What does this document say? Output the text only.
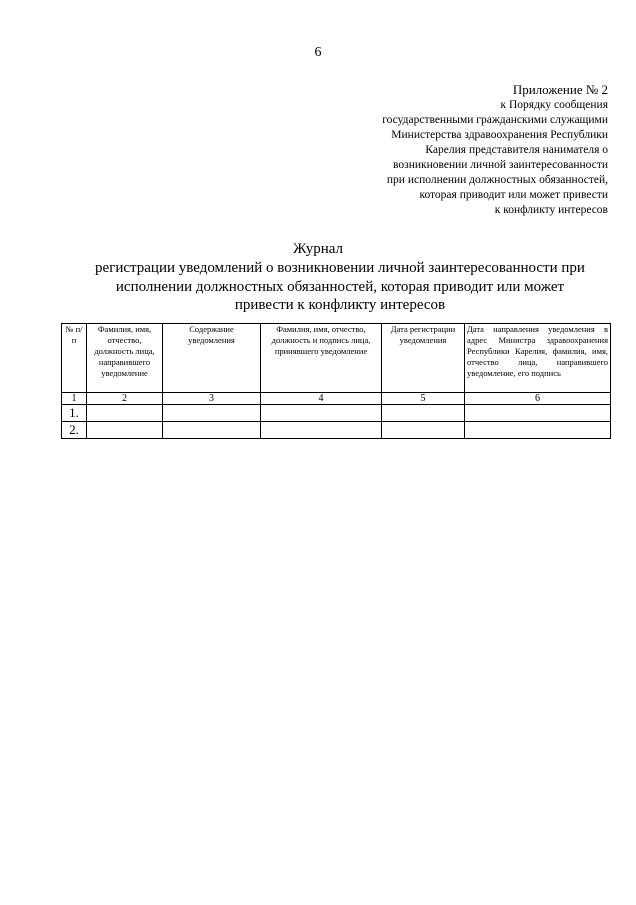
6
Приложение № 2
к Порядку сообщения
государственными гражданскими служащими
Министерства здравоохранения Республики
Карелия представителя нанимателя о
возникновении личной заинтересованности
при исполнении должностных обязанностей,
которая приводит или может привести
к конфликту интересов
Журнал
регистрации уведомлений о возникновении личной заинтересованности при исполнении должностных обязанностей, которая приводит или может привести к конфликту интересов
№ п/п	Фамилия, имя, отчество, должность лица, направившего уведомление	Содержание уведомления	Фамилия, имя, отчество, должность и подпись лица, принявшего уведомление	Дата регистрации уведомления	Дата направления уведомления в адрес Министра здравоохранения Республики Карелия, фамилия, имя, отчество лица, направившего уведомление, его подпись
1	2	3	4	5	6
1.					
2.					
